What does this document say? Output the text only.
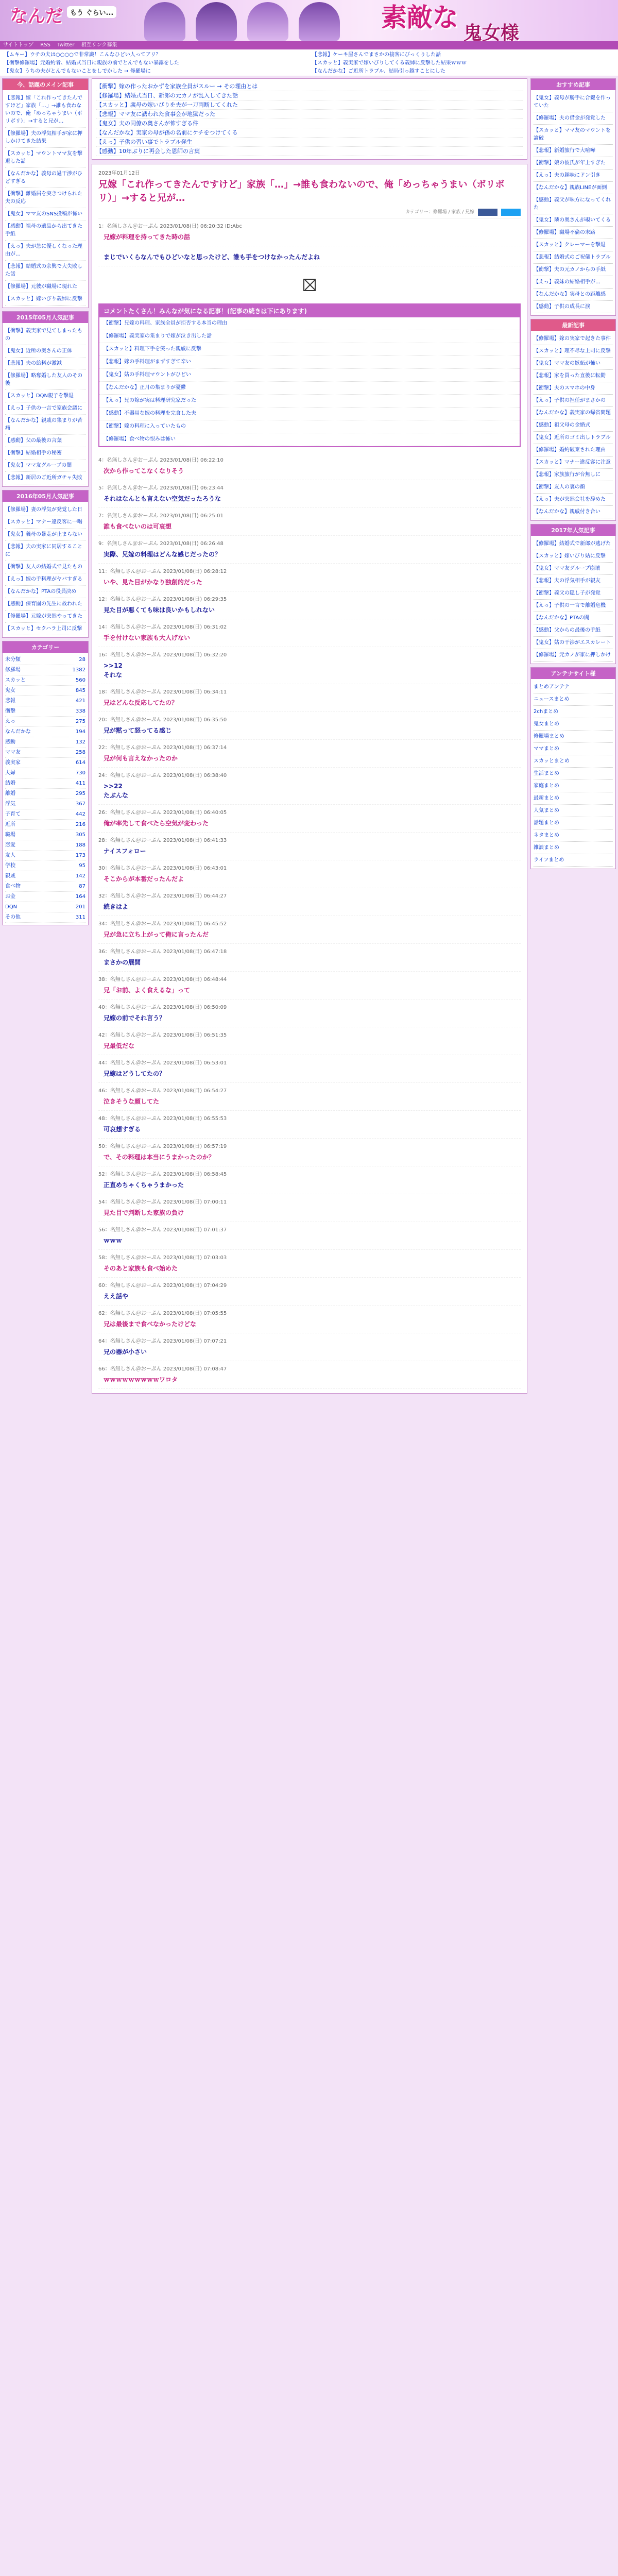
なんだ	もう ぐらい...	素敵な
鬼女様
サイトトップ RSS Twitter 相互リンク募集
【ムキー】ウチの夫は○○○○で非常識！こんなひどい人ってアリ？
【衝撃修羅場】元婚約者、結婚式当日に親族の前でとんでもない暴露をした
【鬼女】うちの夫がとんでもないことをしでかした → 修羅場に
【悲報】ケーキ屋さんでまさかの接客にびっくりした話
【スカッと】義実家で嫁いびりしてくる義姉に反撃した結果ｗｗｗ
【なんだかな】ご近所トラブル、結局引っ越すことにした
今、話題のメイン記事
【悲報】嫁「これ作ってきたんですけど」家族「…」→誰も食わないので、俺「めっちゃうまい（ボリボリ）」→すると兄が…
【修羅場】夫の浮気相手が家に押しかけてきた結果
【スカッと】マウントママ友を撃退した話
【なんだかな】義母の過干渉がひどすぎる
【衝撃】離婚届を突きつけられた夫の反応
【鬼女】ママ友のSNS投稿が怖い
【感動】祖母の遺品から出てきた手紙
【えっ】夫が急に優しくなった理由が…
【悲報】結婚式の余興で大失敗した話
【修羅場】元彼が職場に現れた
【スカッと】嫁いびり義姉に反撃
2015年05月人気記事
【衝撃】義実家で見てしまったもの
【鬼女】近所の奥さんの正体
【悲報】夫の給料が激減
【修羅場】略奪婚した友人のその後
【スカッと】DQN親子を撃退
【えっ】子供の一言で家族会議に
【なんだかな】親戚の集まりが苦痛
【感動】父の最後の言葉
【衝撃】結婚相手の秘密
【鬼女】ママ友グループの闇
【悲報】新居のご近所ガチャ失敗
2016年05月人気記事
【修羅場】妻の浮気が発覚した日
【スカッと】マナー違反客に一喝
【鬼女】義母の暴走が止まらない
【悲報】夫の実家に同居することに
【衝撃】友人の結婚式で見たもの
【えっ】嫁の手料理がヤバすぎる
【なんだかな】PTAの役員決め
【感動】保育園の先生に救われた
【修羅場】元嫁が突然やってきた
【スカッと】セクハラ上司に反撃
カテゴリー
未分類	28
修羅場	1382
スカッと	560
鬼女	845
悲報	421
衝撃	338
えっ	275
なんだかな	194
感動	132
ママ友	258
義実家	614
夫婦	730
結婚	411
離婚	295
浮気	367
子育て	442
近所	216
職場	305
恋愛	188
友人	173
学校	95
親戚	142
食べ物	87
お金	164
DQN	201
その他	311
【衝撃】嫁の作ったおかずを家族全員がスルー → その理由とは
【修羅場】結婚式当日、新郎の元カノが乱入してきた話
【スカッと】義母の嫁いびりを夫が一刀両断してくれた
【悲報】ママ友に誘われた食事会が地獄だった
【鬼女】夫の同僚の奥さんが怖すぎる件
【なんだかな】実家の母が孫の名前にケチをつけてくる
【えっ】子供の習い事でトラブル発生
【感動】10年ぶりに再会した恩師の言葉
2023年01月12日
兄嫁「これ作ってきたんですけど」家族「…」→誰も食わないので、俺「めっちゃうまい（ボリボリ）」→すると兄が…
カテゴリー：修羅場 / 家族 / 兄嫁
1：名無しさん＠おーぷん 2023/01/08(日) 06:20:32 ID:Abc
兄嫁が料理を持ってきた時の話
まじでいくらなんでもひどいなと思ったけど、誰も手をつけなかったんだよね
コメントたくさん！みんなが気になる記事！(記事の続きは下にあります)
【衝撃】兄嫁の料理、家族全員が拒否する本当の理由
【修羅場】義実家の集まりで嫁が泣き出した話
【スカッと】料理下手を笑った親戚に反撃
【悲報】嫁の手料理がまずすぎて辛い
【鬼女】姑の手料理マウントがひどい
【なんだかな】正月の集まりが憂鬱
【えっ】兄の嫁が実は料理研究家だった
【感動】不器用な嫁の料理を完食した夫
【衝撃】嫁の料理に入っていたもの
【修羅場】食べ物の恨みは怖い
4：名無しさん＠おーぷん 2023/01/08(日) 06:22:10
次から作ってこなくなりそう
5：名無しさん＠おーぷん 2023/01/08(日) 06:23:44
それはなんとも言えない空気だったろうな
7：名無しさん＠おーぷん 2023/01/08(日) 06:25:01
誰も食べないのは可哀想
9：名無しさん＠おーぷん 2023/01/08(日) 06:26:48
実際、兄嫁の料理はどんな感じだったの？
11：名無しさん＠おーぷん 2023/01/08(日) 06:28:12
いや、見た目がかなり独創的だった
12：名無しさん＠おーぷん 2023/01/08(日) 06:29:35
見た目が悪くても味は良いかもしれない
14：名無しさん＠おーぷん 2023/01/08(日) 06:31:02
手を付けない家族も大人げない
16：名無しさん＠おーぷん 2023/01/08(日) 06:32:20
>>12
それな
18：名無しさん＠おーぷん 2023/01/08(日) 06:34:11
兄はどんな反応してたの？
20：名無しさん＠おーぷん 2023/01/08(日) 06:35:50
兄が黙って怒ってる感じ
22：名無しさん＠おーぷん 2023/01/08(日) 06:37:14
兄が何も言えなかったのか
24：名無しさん＠おーぷん 2023/01/08(日) 06:38:40
>>22
たぶんな
26：名無しさん＠おーぷん 2023/01/08(日) 06:40:05
俺が率先して食べたら空気が変わった
28：名無しさん＠おーぷん 2023/01/08(日) 06:41:33
ナイスフォロー
30：名無しさん＠おーぷん 2023/01/08(日) 06:43:01
そこからが本番だったんだよ
32：名無しさん＠おーぷん 2023/01/08(日) 06:44:27
続きはよ
34：名無しさん＠おーぷん 2023/01/08(日) 06:45:52
兄が急に立ち上がって俺に言ったんだ
36：名無しさん＠おーぷん 2023/01/08(日) 06:47:18
まさかの展開
38：名無しさん＠おーぷん 2023/01/08(日) 06:48:44
兄「お前、よく食えるな」って
40：名無しさん＠おーぷん 2023/01/08(日) 06:50:09
兄嫁の前でそれ言う？
42：名無しさん＠おーぷん 2023/01/08(日) 06:51:35
兄最低だな
44：名無しさん＠おーぷん 2023/01/08(日) 06:53:01
兄嫁はどうしてたの？
46：名無しさん＠おーぷん 2023/01/08(日) 06:54:27
泣きそうな顔してた
48：名無しさん＠おーぷん 2023/01/08(日) 06:55:53
可哀想すぎる
50：名無しさん＠おーぷん 2023/01/08(日) 06:57:19
で、その料理は本当にうまかったのか？
52：名無しさん＠おーぷん 2023/01/08(日) 06:58:45
正直めちゃくちゃうまかった
54：名無しさん＠おーぷん 2023/01/08(日) 07:00:11
見た目で判断した家族の負け
56：名無しさん＠おーぷん 2023/01/08(日) 07:01:37
ｗｗｗ
58：名無しさん＠おーぷん 2023/01/08(日) 07:03:03
そのあと家族も食べ始めた
60：名無しさん＠おーぷん 2023/01/08(日) 07:04:29
ええ話や
62：名無しさん＠おーぷん 2023/01/08(日) 07:05:55
兄は最後まで食べなかったけどな
64：名無しさん＠おーぷん 2023/01/08(日) 07:07:21
兄の器が小さい
66：名無しさん＠おーぷん 2023/01/08(日) 07:08:47
ｗｗｗｗｗｗｗｗｗワロタ
おすすめ記事
【鬼女】義母が勝手に合鍵を作っていた
【修羅場】夫の借金が発覚した
【スカッと】ママ友のマウントを論破
【悲報】新婚旅行で大喧嘩
【衝撃】娘の彼氏が年上すぎた
【えっ】夫の趣味にドン引き
【なんだかな】親族LINEが面倒
【感動】義父が味方になってくれた
【鬼女】隣の奥さんが覗いてくる
【修羅場】職場不倫の末路
【スカッと】クレーマーを撃退
【悲報】結婚式のご祝儀トラブル
【衝撃】夫の元カノからの手紙
【えっ】義妹の結婚相手が…
【なんだかな】実母との距離感
【感動】子供の成長に涙
最新記事
【修羅場】嫁の実家で起きた事件
【スカッと】理不尽な上司に反撃
【鬼女】ママ友の嫉妬が怖い
【悲報】家を買った直後に転勤
【衝撃】夫のスマホの中身
【えっ】子供の担任がまさかの
【なんだかな】義実家の帰省問題
【感動】祖父母の金婚式
【鬼女】近所のゴミ出しトラブル
【修羅場】婚約破棄された理由
【スカッと】マナー違反客に注意
【悲報】家族旅行が台無しに
【衝撃】友人の裏の顔
【えっ】夫が突然会社を辞めた
【なんだかな】親戚付き合い
2017年人気記事
【修羅場】結婚式で新郎が逃げた
【スカッと】嫁いびり姑に反撃
【鬼女】ママ友グループ崩壊
【悲報】夫の浮気相手が親友
【衝撃】義父の隠し子が発覚
【えっ】子供の一言で離婚危機
【なんだかな】PTAの闇
【感動】父からの最後の手紙
【鬼女】姑の干渉がエスカレート
【修羅場】元カノが家に押しかけ
アンテナサイト様
まとめアンテナ
ニュースまとめ
2chまとめ
鬼女まとめ
修羅場まとめ
ママまとめ
スカッとまとめ
生活まとめ
家庭まとめ
最新まとめ
人気まとめ
話題まとめ
ネタまとめ
雑談まとめ
ライフまとめ
